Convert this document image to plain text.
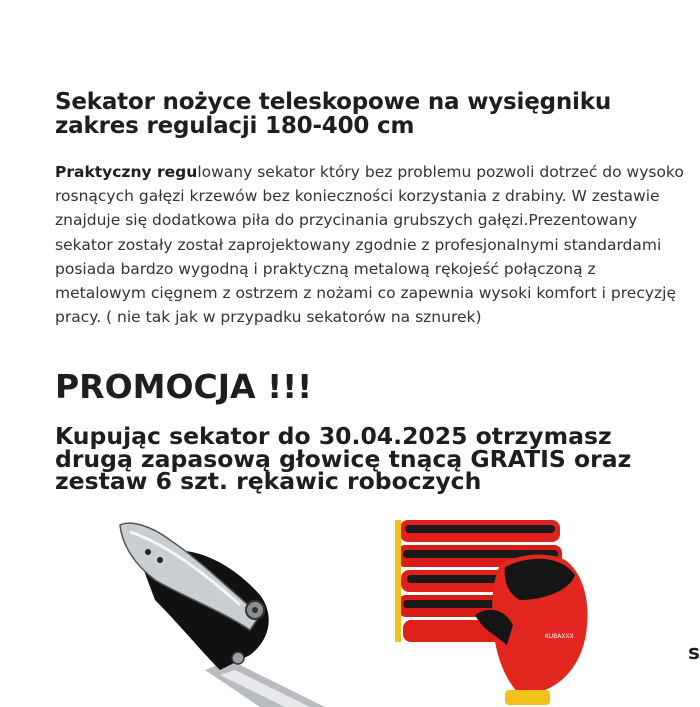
Sekator nożyce teleskopowe na wysięgniku
zakres regulacji 180-400 cm
Praktyczny regulowany sekator który bez problemu pozwoli dotrzeć do wysoko rosnących gałęzi krzewów bez konieczności korzystania z drabiny. W zestawie znajduje się dodatkowa piła do przycinania grubszych gałęzi.Prezentowany sekator zostały został zaprojektowany zgodnie z profesjonalnymi standardami posiada bardzo wygodną i praktyczną metalową rękojeść połączoną z metalowym cięgnem z ostrzem z nożami co zapewnia wysoki komfort i precyzję pracy. ( nie tak jak w przypadku sekatorów na sznurek)
PROMOCJA !!!
Kupując sekator do 30.04.2025 otrzymasz
drugą zapasową głowicę tnącą GRATIS oraz
zestaw 6 szt. rękawic roboczych
KUBAXXX
s
